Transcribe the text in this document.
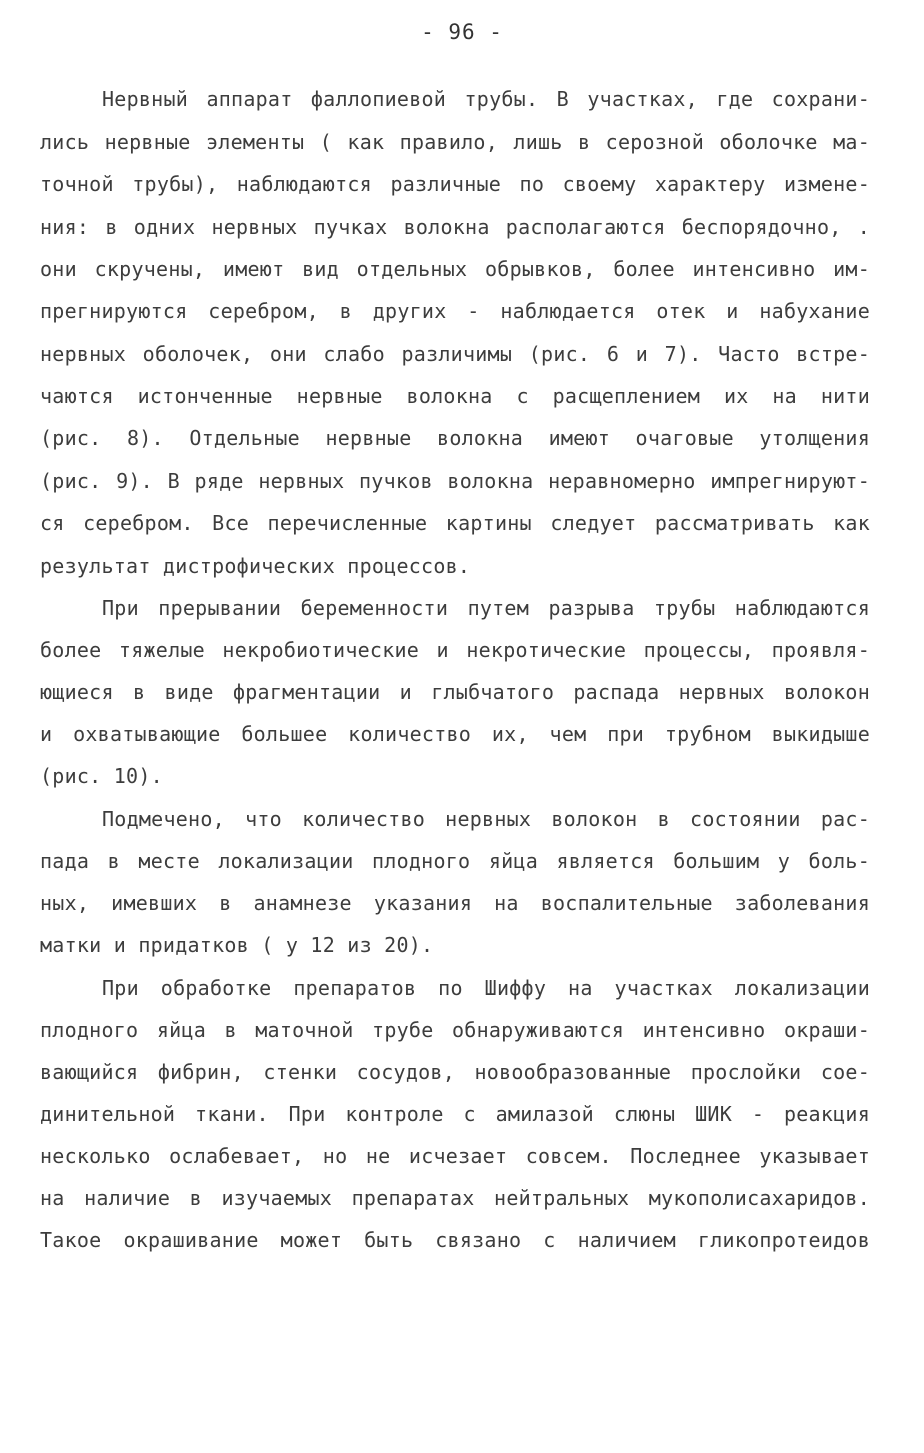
- 96 -
Нервный аппарат фаллопиевой трубы. В участках, где сохрани-
лись нервные элементы ( как правило, лишь в серозной оболочке ма-
точной трубы), наблюдаются различные по своему характеру измене-
ния: в одних нервных пучках волокна располагаются беспорядочно, .
они скручены, имеют вид отдельных обрывков, более интенсивно им-
прегнируются серебром, в других - наблюдается отек и набухание
нервных оболочек, они слабо различимы (рис. 6 и 7). Часто встре-
чаются истонченные нервные волокна с расщеплением их на нити
(рис. 8). Отдельные нервные волокна имеют очаговые утолщения
(рис. 9). В ряде нервных пучков волокна неравномерно импрегнируют-
ся серебром. Все перечисленные картины следует рассматривать как
результат дистрофических процессов.
При прерывании беременности путем разрыва трубы наблюдаются
более тяжелые некробиотические и некротические процессы, проявля-
ющиеся в виде фрагментации и глыбчатого распада нервных волокон
и охватывающие большее количество их, чем при трубном выкидыше
(рис. 10).
Подмечено, что количество нервных волокон в состоянии рас-
пада в месте локализации плодного яйца является большим у боль-
ных, имевших в анамнезе указания на воспалительные заболевания
матки и придатков ( у 12 из 20).
При обработке препаратов по Шиффу на участках локализации
плодного яйца в маточной трубе обнаруживаются интенсивно окраши-
вающийся фибрин, стенки сосудов, новообразованные прослойки сое-
динительной ткани. При контроле с амилазой слюны ШИК - реакция
несколько ослабевает, но не исчезает совсем. Последнее указывает
на наличие в изучаемых препаратах нейтральных мукополисахаридов.
Такое окрашивание может быть связано с наличием гликопротеидов
